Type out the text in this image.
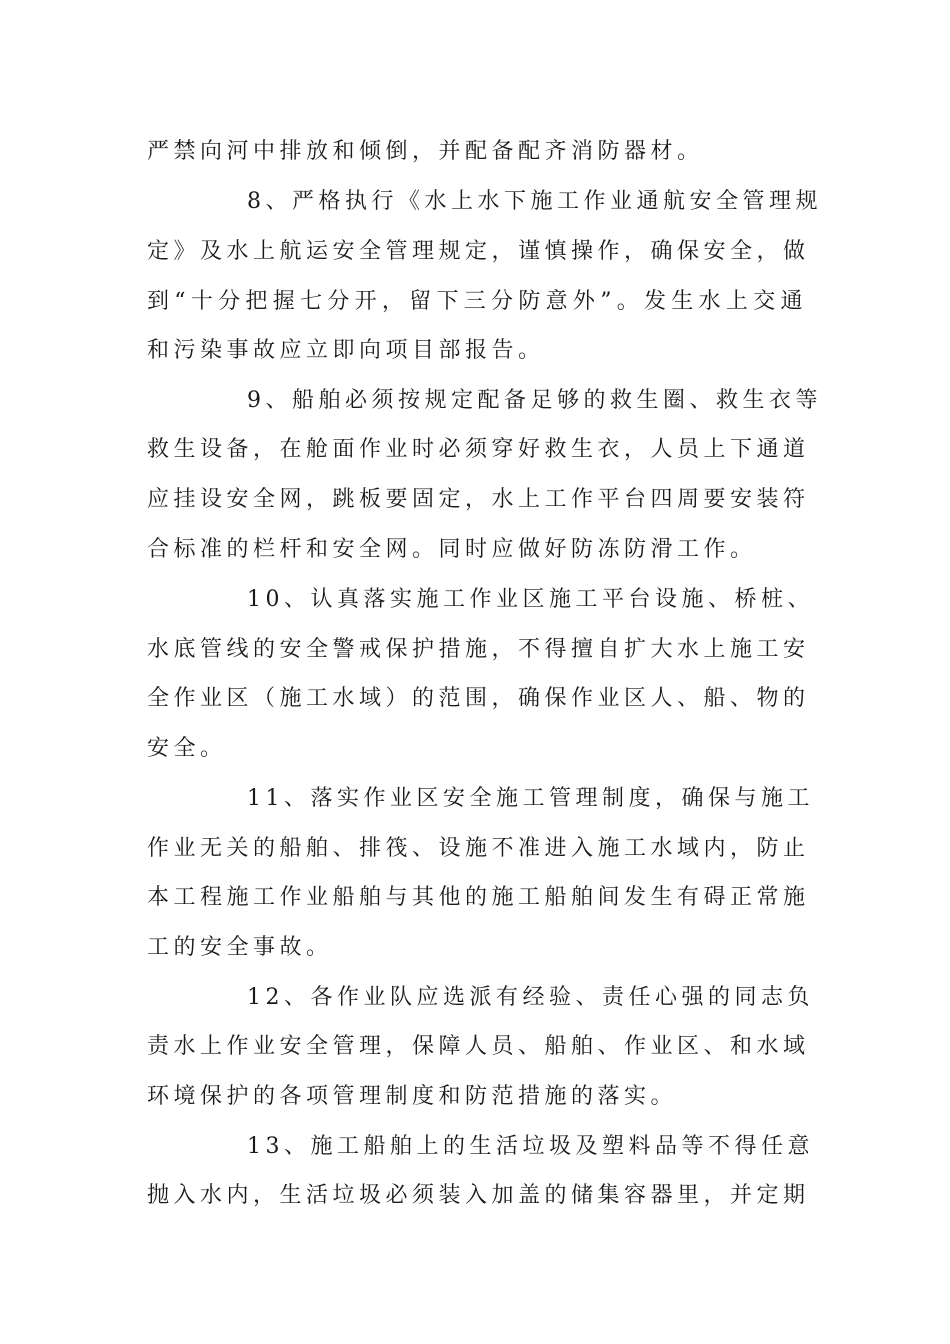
严禁向河中排放和倾倒，并配备配齐消防器材。
8、严格执行《水上水下施工作业通航安全管理规
定》及水上航运安全管理规定，谨慎操作，确保安全，做
到“十分把握七分开，留下三分防意外”。发生水上交通
和污染事故应立即向项目部报告。
9、船舶必须按规定配备足够的救生圈、救生衣等
救生设备，在舱面作业时必须穿好救生衣，人员上下通道
应挂设安全网，跳板要固定，水上工作平台四周要安装符
合标准的栏杆和安全网。同时应做好防冻防滑工作。
10、认真落实施工作业区施工平台设施、桥桩、
水底管线的安全警戒保护措施，不得擅自扩大水上施工安
全作业区（施工水域）的范围，确保作业区人、船、物的
安全。
11、落实作业区安全施工管理制度，确保与施工
作业无关的船舶、排筏、设施不准进入施工水域内，防止
本工程施工作业船舶与其他的施工船舶间发生有碍正常施
工的安全事故。
12、各作业队应选派有经验、责任心强的同志负
责水上作业安全管理，保障人员、船舶、作业区、和水域
环境保护的各项管理制度和防范措施的落实。
13、施工船舶上的生活垃圾及塑料品等不得任意
抛入水内，生活垃圾必须装入加盖的储集容器里，并定期
